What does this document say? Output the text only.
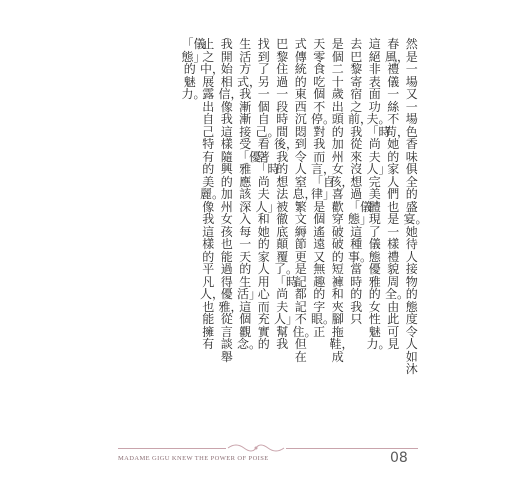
然是一場又一場色香味俱全的盛宴。她待人接物的態度令人如沐
春風，禮儀一絲不苟，她的家人們也是一樣禮貌周全。由此可見
這絕非表面功夫。「時尚夫人」完美體現了儀態優雅的女性魅力。
去巴黎寄宿之前，我從來沒想過「儀態」這種事。當時的我只
是個二十歲出頭的加州女孩，喜歡穿破破的短褲和夾腳拖鞋，成
天零食吃個不停。對我而言，「自律」是個遙遠又無趣的字眼。正
式傳統的東西沉悶到令人窒息，繁文縟節更是記都記不住。但在
巴黎住過一段時間後，我的想法被徹底顛覆了。「時尚夫人」幫我
找到了另一個自己。看著「時尚夫人」和她的家人用心而充實的
生活方式，我漸漸接受「優雅應該深入每一天的生活」這個觀念。
我開始相信，像我這樣隨興的加州女孩也能過得優雅，從言談舉
止之中，展露出自己特有的美麗。像我這樣的平凡人，也能擁有
「儀態」的魅力。
MADAME GIGU KNEW THE POWER OF POISE	08
